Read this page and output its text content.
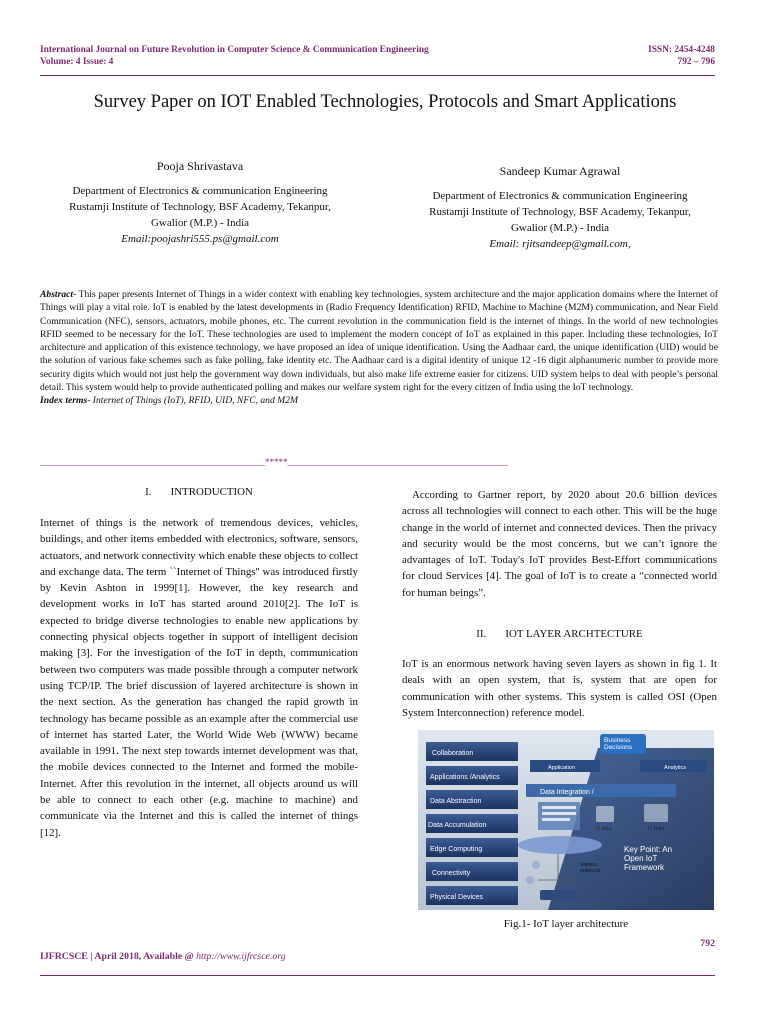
International Journal on Future Revolution in Computer Science & Communication Engineering
Volume: 4 Issue: 4
ISSN: 2454-4248
792 – 796
Survey Paper on IOT Enabled Technologies, Protocols and Smart Applications
Pooja Shrivastava
Department of Electronics & communication Engineering
Rustamji Institute of Technology, BSF Academy, Tekanpur,
Gwalior (M.P.) - India
Email:poojashri555.ps@gmail.com
Sandeep Kumar Agrawal
Department of Electronics & communication Engineering
Rustamji Institute of Technology, BSF Academy, Tekanpur,
Gwalior (M.P.) - India
Email: rjitsandeep@gmail.com,
Abstract- This paper presents Internet of Things in a wider context with enabling key technologies, system architecture and the major application domains where the Internet of Things will play a vital role. IoT is enabled by the latest developments in (Radio Frequency Identification) RFID, Machine to Machine (M2M) communication, and Near Field Communication (NFC), sensors, actuators, mobile phones, etc. The current revolution in the communication field is the internet of things. In the world of new technologies RFID seemed to be necessary for the IoT. These technologies are used to implement the modern concept of IoT as explained in this paper. Including these technologies, IoT architecture and application of this existence technology, we have proposed an idea of unique identification. Using the Aadhaar card, the unique identification (UID) would be the solution of various fake schemes such as fake polling, fake identity etc. The Aadhaar card is a digital identity of unique 12 -16 digit alphanumeric number to provide more security digits which would not just help the government way down individuals, but also make life extreme easier for citizens. UID system helps to deal with people’s personal detail. This system would help to provide authenticated polling and makes our welfare system right for the every citizen of India using the IoT technology.
Index terms- Internet of Things (IoT), RFID, UID, NFC, and M2M
__________________________________________________*****_________________________________________________
I. INTRODUCTION
Internet of things is the network of tremendous devices, vehicles, buildings, and other items embedded with electronics, software, sensors, actuators, and network connectivity which enable these objects to collect and exchange data. The term ``Internet of Things'' was introduced firstly by Kevin Ashton in 1999[1]. However, the key research and development works in IoT has started around 2010[2]. The IoT is expected to bridge diverse technologies to enable new applications by connecting physical objects together in support of intelligent decision making [3]. For the investigation of the IoT in depth, communication between two computers was made possible through a computer network using TCP/IP. The brief discussion of layered architecture is shown in the next section. As the generation has changed the rapid growth in technology has became possible as an example after the commercial use of internet has started Later, the World Wide Web (WWW) became available in 1991. The next step towards internet development was that, the mobile devices connected to the Internet and formed the mobile-Internet. After this revolution in the internet, all objects around us will be able to connect to each other (e.g. machine to machine) and communicate via the Internet and this is called the internet of things [12].
According to Gartner report, by 2020 about 20.6 billion devices across all technologies will connect to each other. This will be the huge change in the world of internet and connected devices. Then the privacy and security would be the most concerns, but we can’t ignore the advantages of IoT. Today's IoT provides Best-Effort communications for cloud Services [4]. The goal of IoT is to create a “connected world for human beings”.
II. IOT LAYER ARCHTECTURE
IoT is an enormous network having seven layers as shown in fig 1. It deals with an open system, that is, system that are open for communication with other systems. This system is called OSI (Open System Interconnection) reference model.
Collaboration
Applications /Analytics
Data Abstraction
Data Accumulation
Edge Computing
Connectivity
Physical Devices
Business Decisions
Application	Analytics
Data Integration /
IT data	IT Data
Various protocols
Key Point: An Open IoT Framework
Fig.1- IoT layer architecture
792
IJFRCSCE | April 2018, Available @ http://www.ijfrcsce.org
